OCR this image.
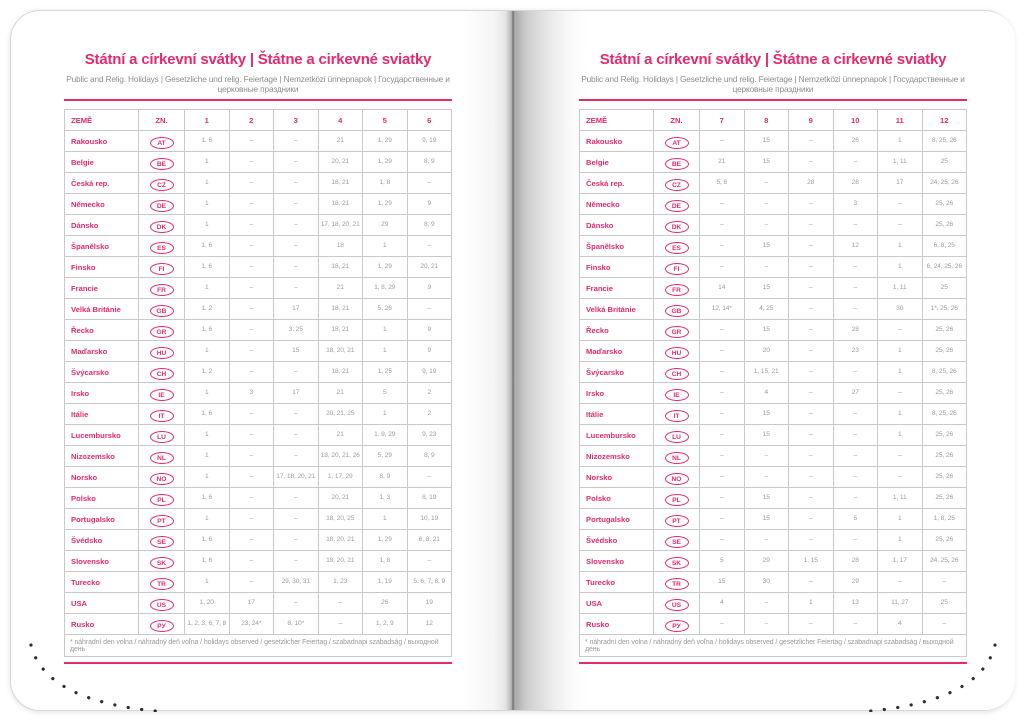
Státní a církevní svátky | Štátne a cirkevné sviatky
Public and Relig. Holidays | Gesetzliche und relig. Feiertage | Nemzetközi ünnepnapok | Государственные и церковные праздники
ZEMĚ	ZN.	1	2	3	4	5	6
Rakousko	AT	1, 6	–	–	21	1, 29	9, 19
Belgie	BE	1	–	–	20, 21	1, 29	8, 9
Česká rep.	CZ	1	–	–	18, 21	1, 8	–
Německo	DE	1	–	–	18, 21	1, 29	9
Dánsko	DK	1	–	–	17, 18, 20, 21	29	8, 9
Španělsko	ES	1, 6	–	–	18	1	–
Finsko	FI	1, 6	–	–	18, 21	1, 29	20, 21
Francie	FR	1	–	–	21	1, 8, 29	9
Velká Británie	GB	1, 2	–	17	18, 21	5, 26	–
Řecko	GR	1, 6	–	3, 25	18, 21	1	9
Maďarsko	HU	1	–	15	18, 20, 21	1	9
Švýcarsko	CH	1, 2	–	–	18, 21	1, 25	9, 19
Irsko	IE	1	3	17	21	5	2
Itálie	IT	1, 6	–	–	20, 21, 25	1	2
Lucembursko	LU	1	–	–	21	1, 9, 29	9, 23
Nizozemsko	NL	1	–	–	18, 20, 21, 26	5, 29	8, 9
Norsko	NO	1	–	17, 18, 20, 21	1, 17, 29	8, 9	–
Polsko	PL	1, 6	–	–	20, 21	1, 3	8, 19
Portugalsko	PT	1	–	–	18, 20, 25	1	10, 19
Švédsko	SE	1, 6	–	–	18, 20, 21	1, 29	6, 8, 21
Slovensko	SK	1, 6	–	–	18, 20, 21	1, 8	–
Turecko	TR	1	–	29, 30, 31	1, 23	1, 19	5, 6, 7, 8, 9
USA	US	1, 20	17	–	–	26	19
Rusko	РУ	1, 2, 3, 6, 7, 8	23, 24*	8, 10*	–	1, 2, 9	12
* náhradní den volna / náhradný deň voľna / holidays observed / gesetzlicher Feiertag / szabadnapi szabadság / выходной день							
Státní a církevní svátky | Štátne a cirkevné sviatky
Public and Relig. Holidays | Gesetzliche und relig. Feiertage | Nemzetközi ünnepnapok | Государственные и церковные праздники
ZEMĚ	ZN.	7	8	9	10	11	12
Rakousko	AT	–	15	–	26	1	8, 25, 26
Belgie	BE	21	15	–	–	1, 11	25
Česká rep.	CZ	5, 6	–	28	28	17	24, 25, 26
Německo	DE	–	–	–	3	–	25, 26
Dánsko	DK	–	–	–	–	–	25, 26
Španělsko	ES	–	15	–	12	1	6, 8, 25
Finsko	FI	–	–	–	–	1	6, 24, 25, 26
Francie	FR	14	15	–	–	1, 11	25
Velká Británie	GB	12, 14*	4, 25	–	–	30	1*, 25, 26
Řecko	GR	–	15	–	28	–	25, 26
Maďarsko	HU	–	20	–	23	1	25, 26
Švýcarsko	CH	–	1, 15, 21	–	–	1	8, 25, 26
Irsko	IE	–	4	–	27	–	25, 26
Itálie	IT	–	15	–	–	1	8, 25, 26
Lucembursko	LU	–	15	–	–	1	25, 26
Nizozemsko	NL	–	–	–	–	–	25, 26
Norsko	NO	–	–	–	–	–	25, 26
Polsko	PL	–	15	–	–	1, 11	25, 26
Portugalsko	PT	–	15	–	5	1	1, 8, 25
Švédsko	SE	–	–	–	–	1	25, 26
Slovensko	SK	5	29	1, 15	28	1, 17	24, 25, 26
Turecko	TR	15	30	–	29	–	–
USA	US	4	–	1	13	11, 27	25
Rusko	РУ	–	–	–	–	4	–
* náhradní den volna / náhradný deň voľna / holidays observed / gesetzlicher Feiertag / szabadnapi szabadság / выходной день							
